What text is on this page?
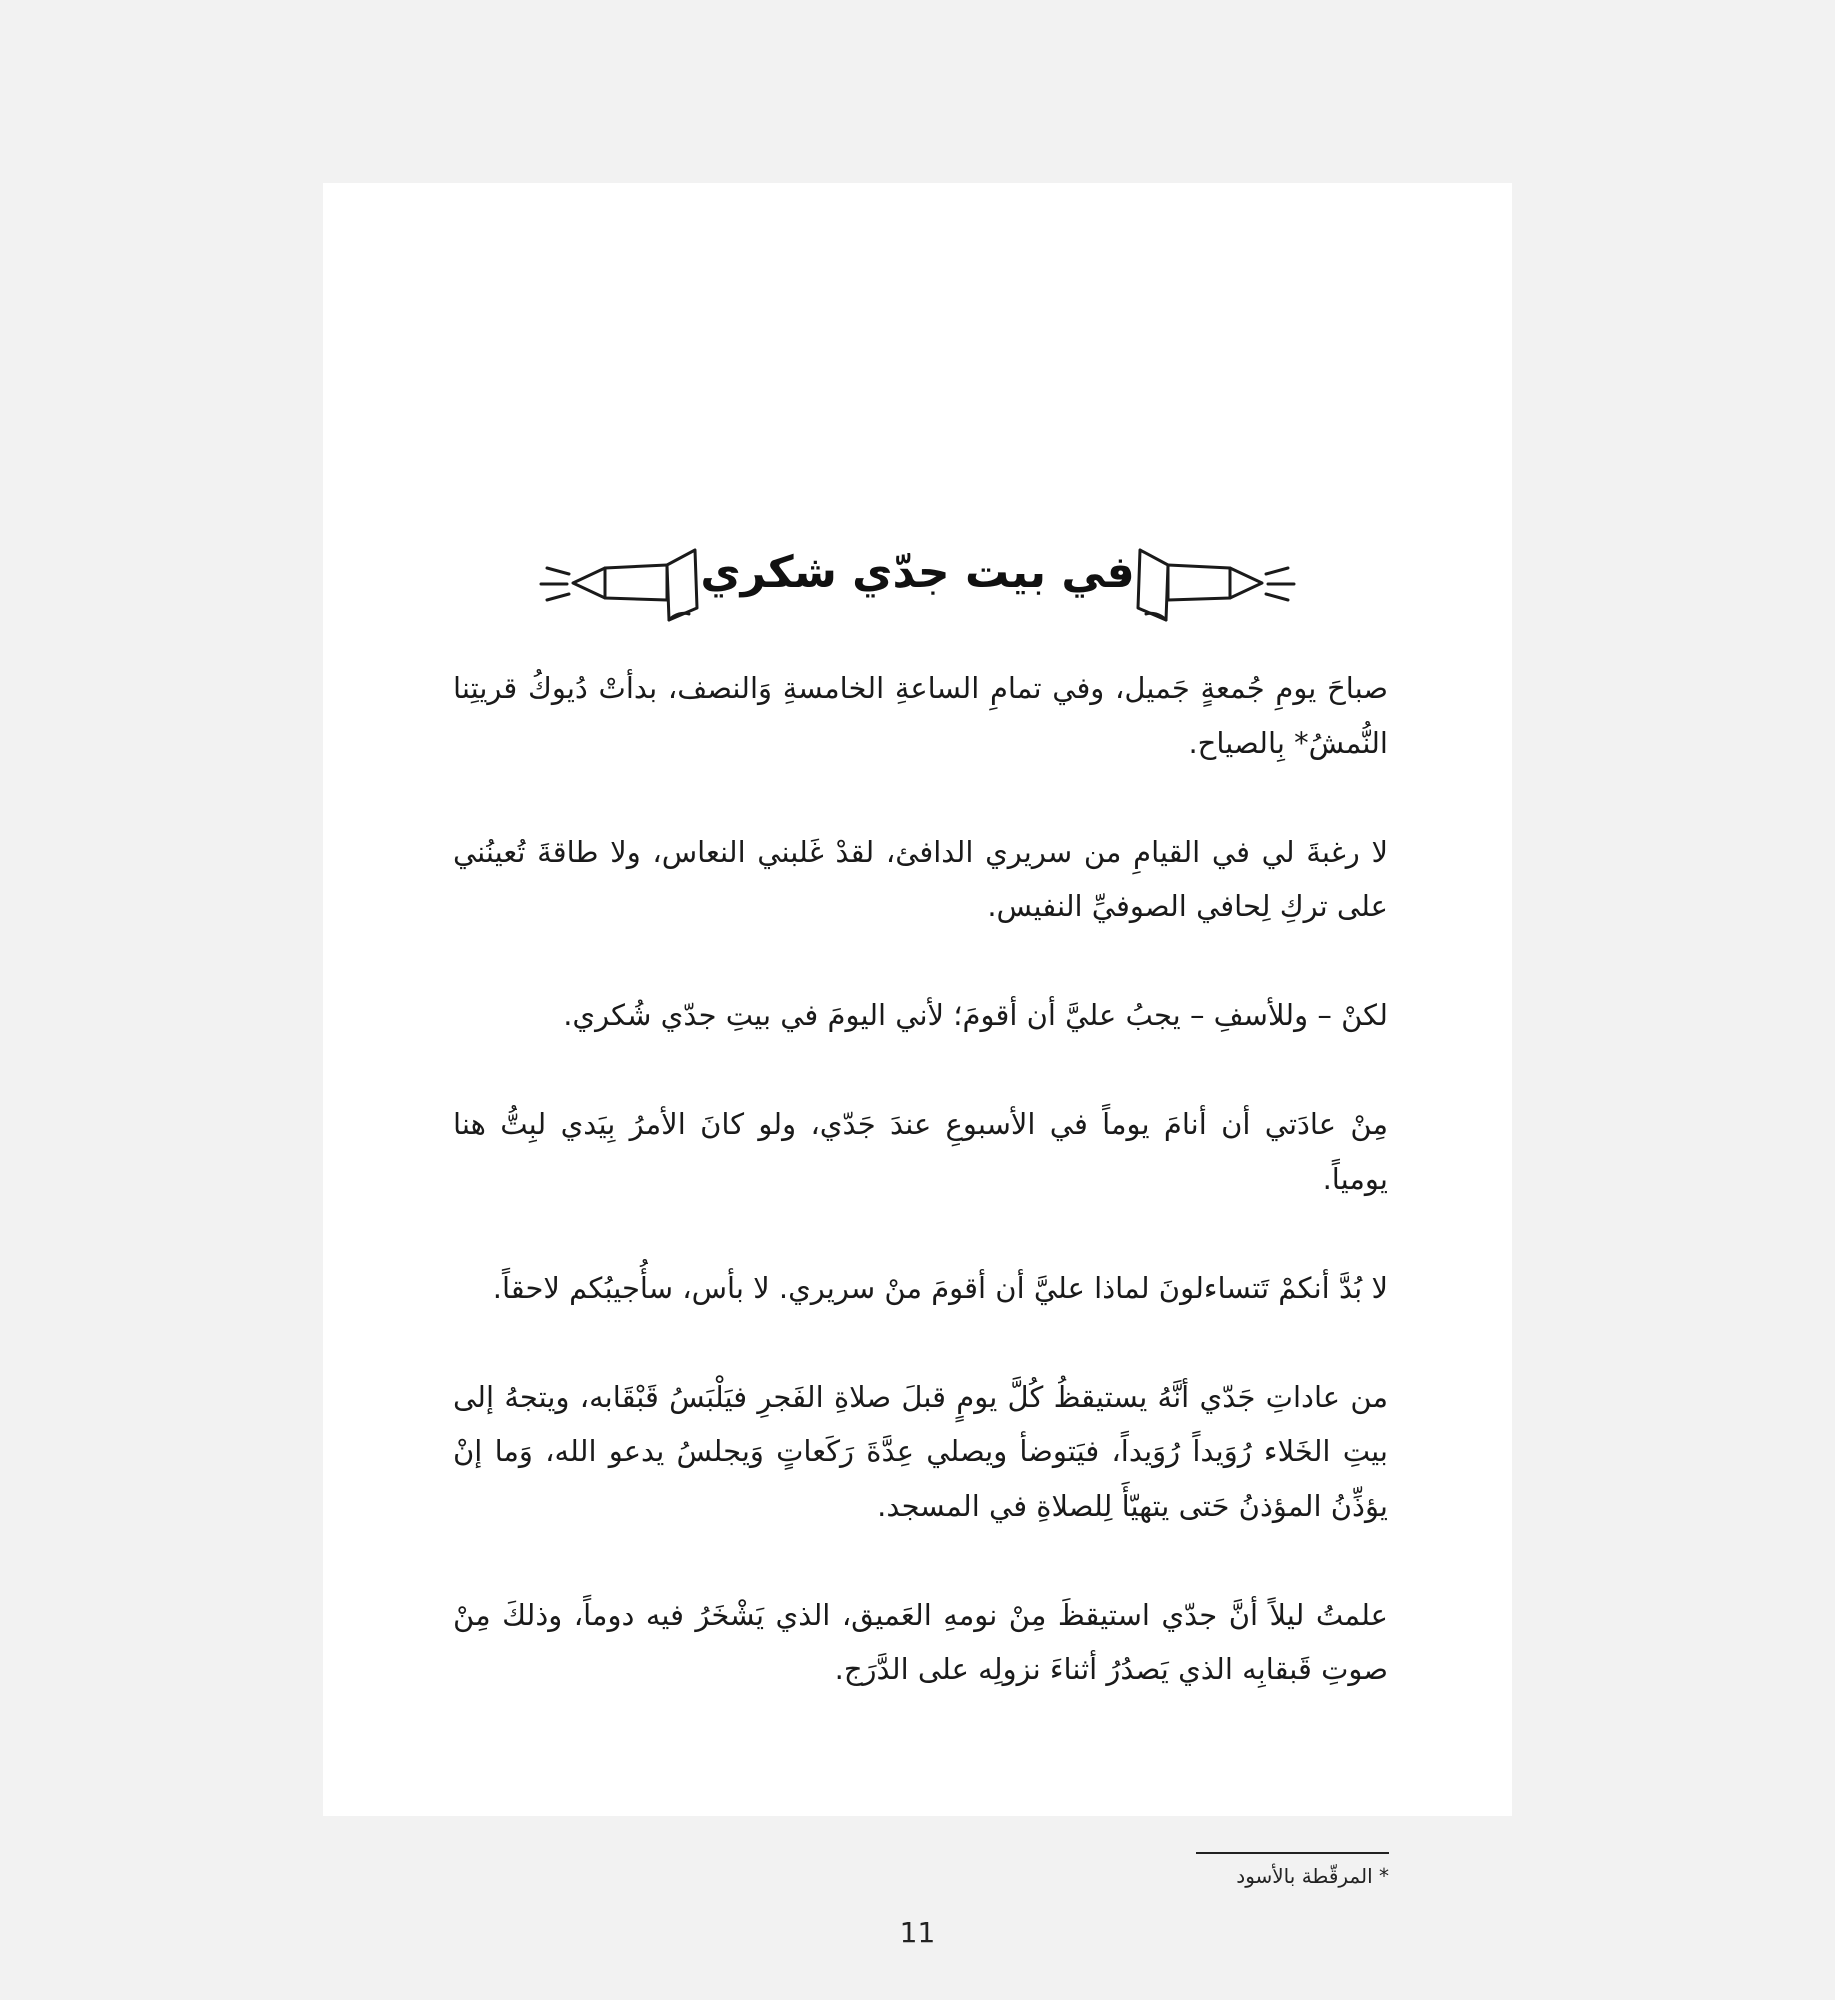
في بيت جدّي شكري

صباحَ يومِ جُمعةٍ جَميل، وفي تمامِ الساعةِ الخامسةِ وَالنصف، بدأتْ دُيوكُ قريتِنا النُّمشُ* بِالصياح.

لا رغبةَ لي في القيامِ من سريري الدافئ، لقدْ غَلبني النعاس، ولا طاقةَ تُعينُني على تركِ لِحافي الصوفيِّ النفيس.

لكنْ – وللأسفِ – يجبُ عليَّ أن أقومَ؛ لأني اليومَ في بيتِ جدّي شُكري.

مِنْ عادَتي أن أنامَ يوماً في الأسبوعِ عندَ جَدّي، ولو كانَ الأمرُ بِيَدي لبِتُّ هنا يومياً.

لا بُدَّ أنكمْ تَتساءلونَ لماذا عليَّ أن أقومَ منْ سريري. لا بأس، سأُجيبُكم لاحقاً.

من عاداتِ جَدّي أنَّهُ يستيقظُ كُلَّ يومٍ قبلَ صلاةِ الفَجرِ فيَلْبَسُ قَبْقَابه، ويتجهُ إلى بيتِ الخَلاء رُوَيداً رُوَيداً، فيَتوضأ ويصلي عِدَّةَ رَكَعاتٍ وَيجلسُ يدعو الله، وَما إنْ يؤذِّنُ المؤذنُ حَتى يتهيّأَ لِلصلاةِ في المسجد.

علمتُ ليلاً أنَّ جدّي استيقظَ مِنْ نومهِ العَميق، الذي يَشْخَرُ فيه دوماً، وذلكَ مِنْ صوتِ قَبقابِه الذي يَصدُرُ أثناءَ نزولِه على الدَّرَج.

* المرقّطة بالأسود
11
